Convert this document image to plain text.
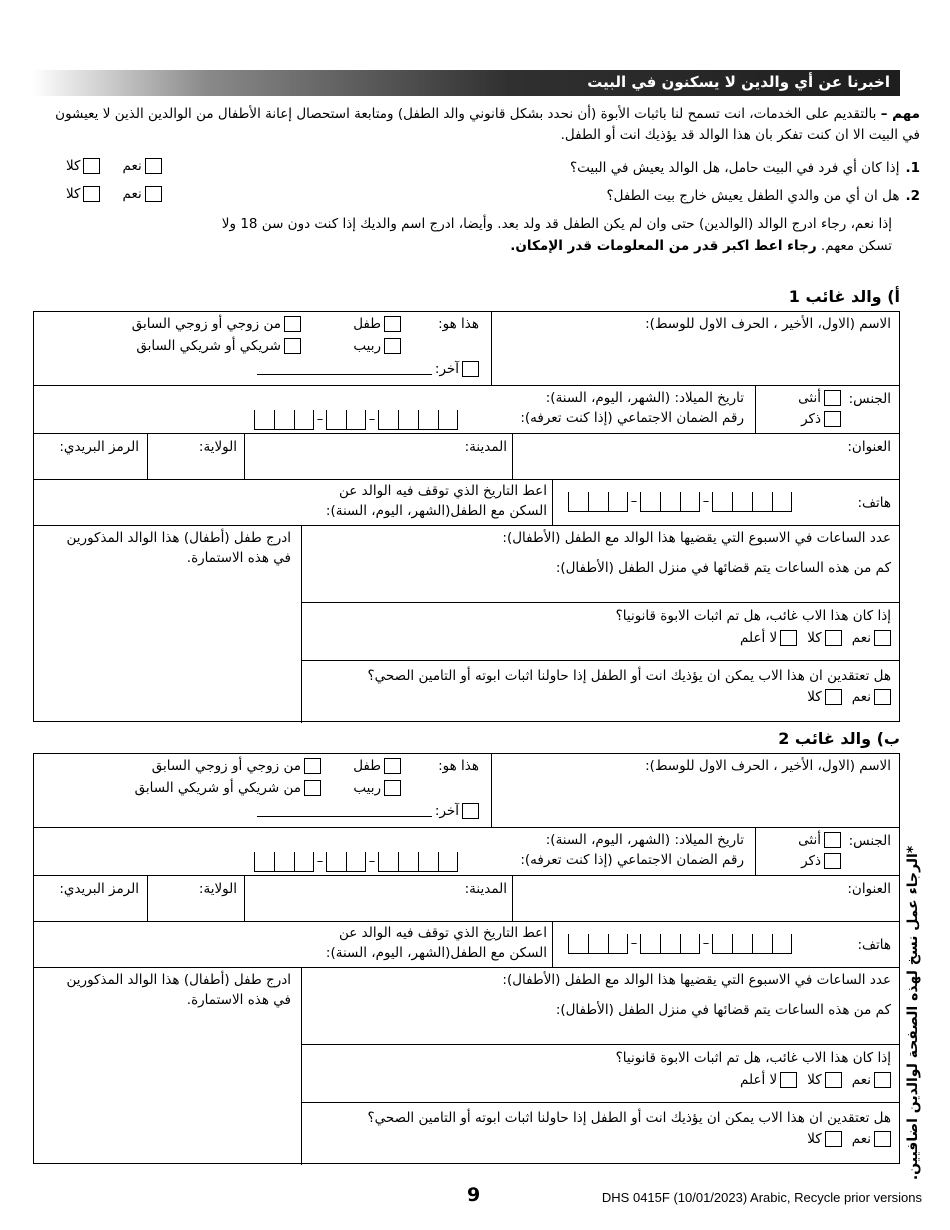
اخبرنا عن أي والدين لا يسكنون في البيت
مهم – بالتقديم على الخدمات، انت تسمح لنا باثبات الأبوة (أن نحدد بشكل قانوني والد الطفل) ومتابعة استحصال إعانة الأطفال من الوالدين الذين لا يعيشون في البيت الا ان كنت تفكر بان هذا الوالد قد يؤذيك انت أو الطفل.
1.إذا كان أي فرد في البيت حامل، هل الوالد يعيش في البيت؟
نعم
كلا
2.هل ان أي من والدي الطفل يعيش خارج بيت الطفل؟
نعم
كلا
إذا نعم، رجاء ادرج الوالد (الوالدين) حتى وان لم يكن الطفل قد ولد بعد. وأيضا، ادرج اسم والديك إذا كنت دون سن 18 ولا تسكن معهم. رجاء اعط اكبر قدر من المعلومات قدر الإمكان.
أ) والد غائب 1
الاسم (الاول، الأخير ، الحرف الاول للوسط):
هذا هو:
طفل
من زوجي أو زوجي السابق
ربيب
شريكي أو شريكي السابق
آخر:
الجنس:
أنثى
ذكر
تاريخ الميلاد: (الشهر، اليوم، السنة):
رقم الضمان الاجتماعي (إذا كنت تعرفه):
–	–
العنوان:
المدينة:
الولاية:
الرمز البريدي:
هاتف:
–	–
اعط التاريخ الذي توقف فيه الوالد عن
السكن مع الطفل(الشهر، اليوم، السنة):
عدد الساعات في الاسبوع التي يقضيها هذا الوالد مع الطفل (الأطفال):
كم من هذه الساعات يتم قضائها في منزل الطفل (الأطفال):
ادرج طفل (أطفال) هذا الوالد المذكورين
في هذه الاستمارة.
إذا كان هذا الاب غائب، هل تم اثبات الابوة قانونيا؟
نعم
كلا
لا أعلم
هل تعتقدين ان هذا الاب يمكن ان يؤذيك انت أو الطفل إذا حاولنا اثبات ابوته أو التامين الصحي؟
نعم
كلا
ب) والد غائب 2
الاسم (الاول، الأخير ، الحرف الاول للوسط):
هذا هو:
طفل
من زوجي أو زوجي السابق
ربيب
من شريكي أو شريكي السابق
آخر:
الجنس:
أنثى
ذكر
تاريخ الميلاد: (الشهر، اليوم، السنة):
رقم الضمان الاجتماعي (إذا كنت تعرفه):
–	–
العنوان:
المدينة:
الولاية:
الرمز البريدي:
هاتف:
–	–
اعط التاريخ الذي توقف فيه الوالد عن
السكن مع الطفل(الشهر، اليوم، السنة):
عدد الساعات في الاسبوع التي يقضيها هذا الوالد مع الطفل (الأطفال):
كم من هذه الساعات يتم قضائها في منزل الطفل (الأطفال):
ادرج طفل (أطفال) هذا الوالد المذكورين
في هذه الاستمارة.
إذا كان هذا الاب غائب، هل تم اثبات الابوة قانونيا؟
نعم
كلا
لا أعلم
هل تعتقدين ان هذا الاب يمكن ان يؤذيك انت أو الطفل إذا حاولنا اثبات ابوته أو التامين الصحي؟
نعم
كلا	*الرجاء عمل نسخ لهذه الصفحة لوالدين اضافيين.
9	DHS 0415F (10/01/2023) Arabic, Recycle prior versions
